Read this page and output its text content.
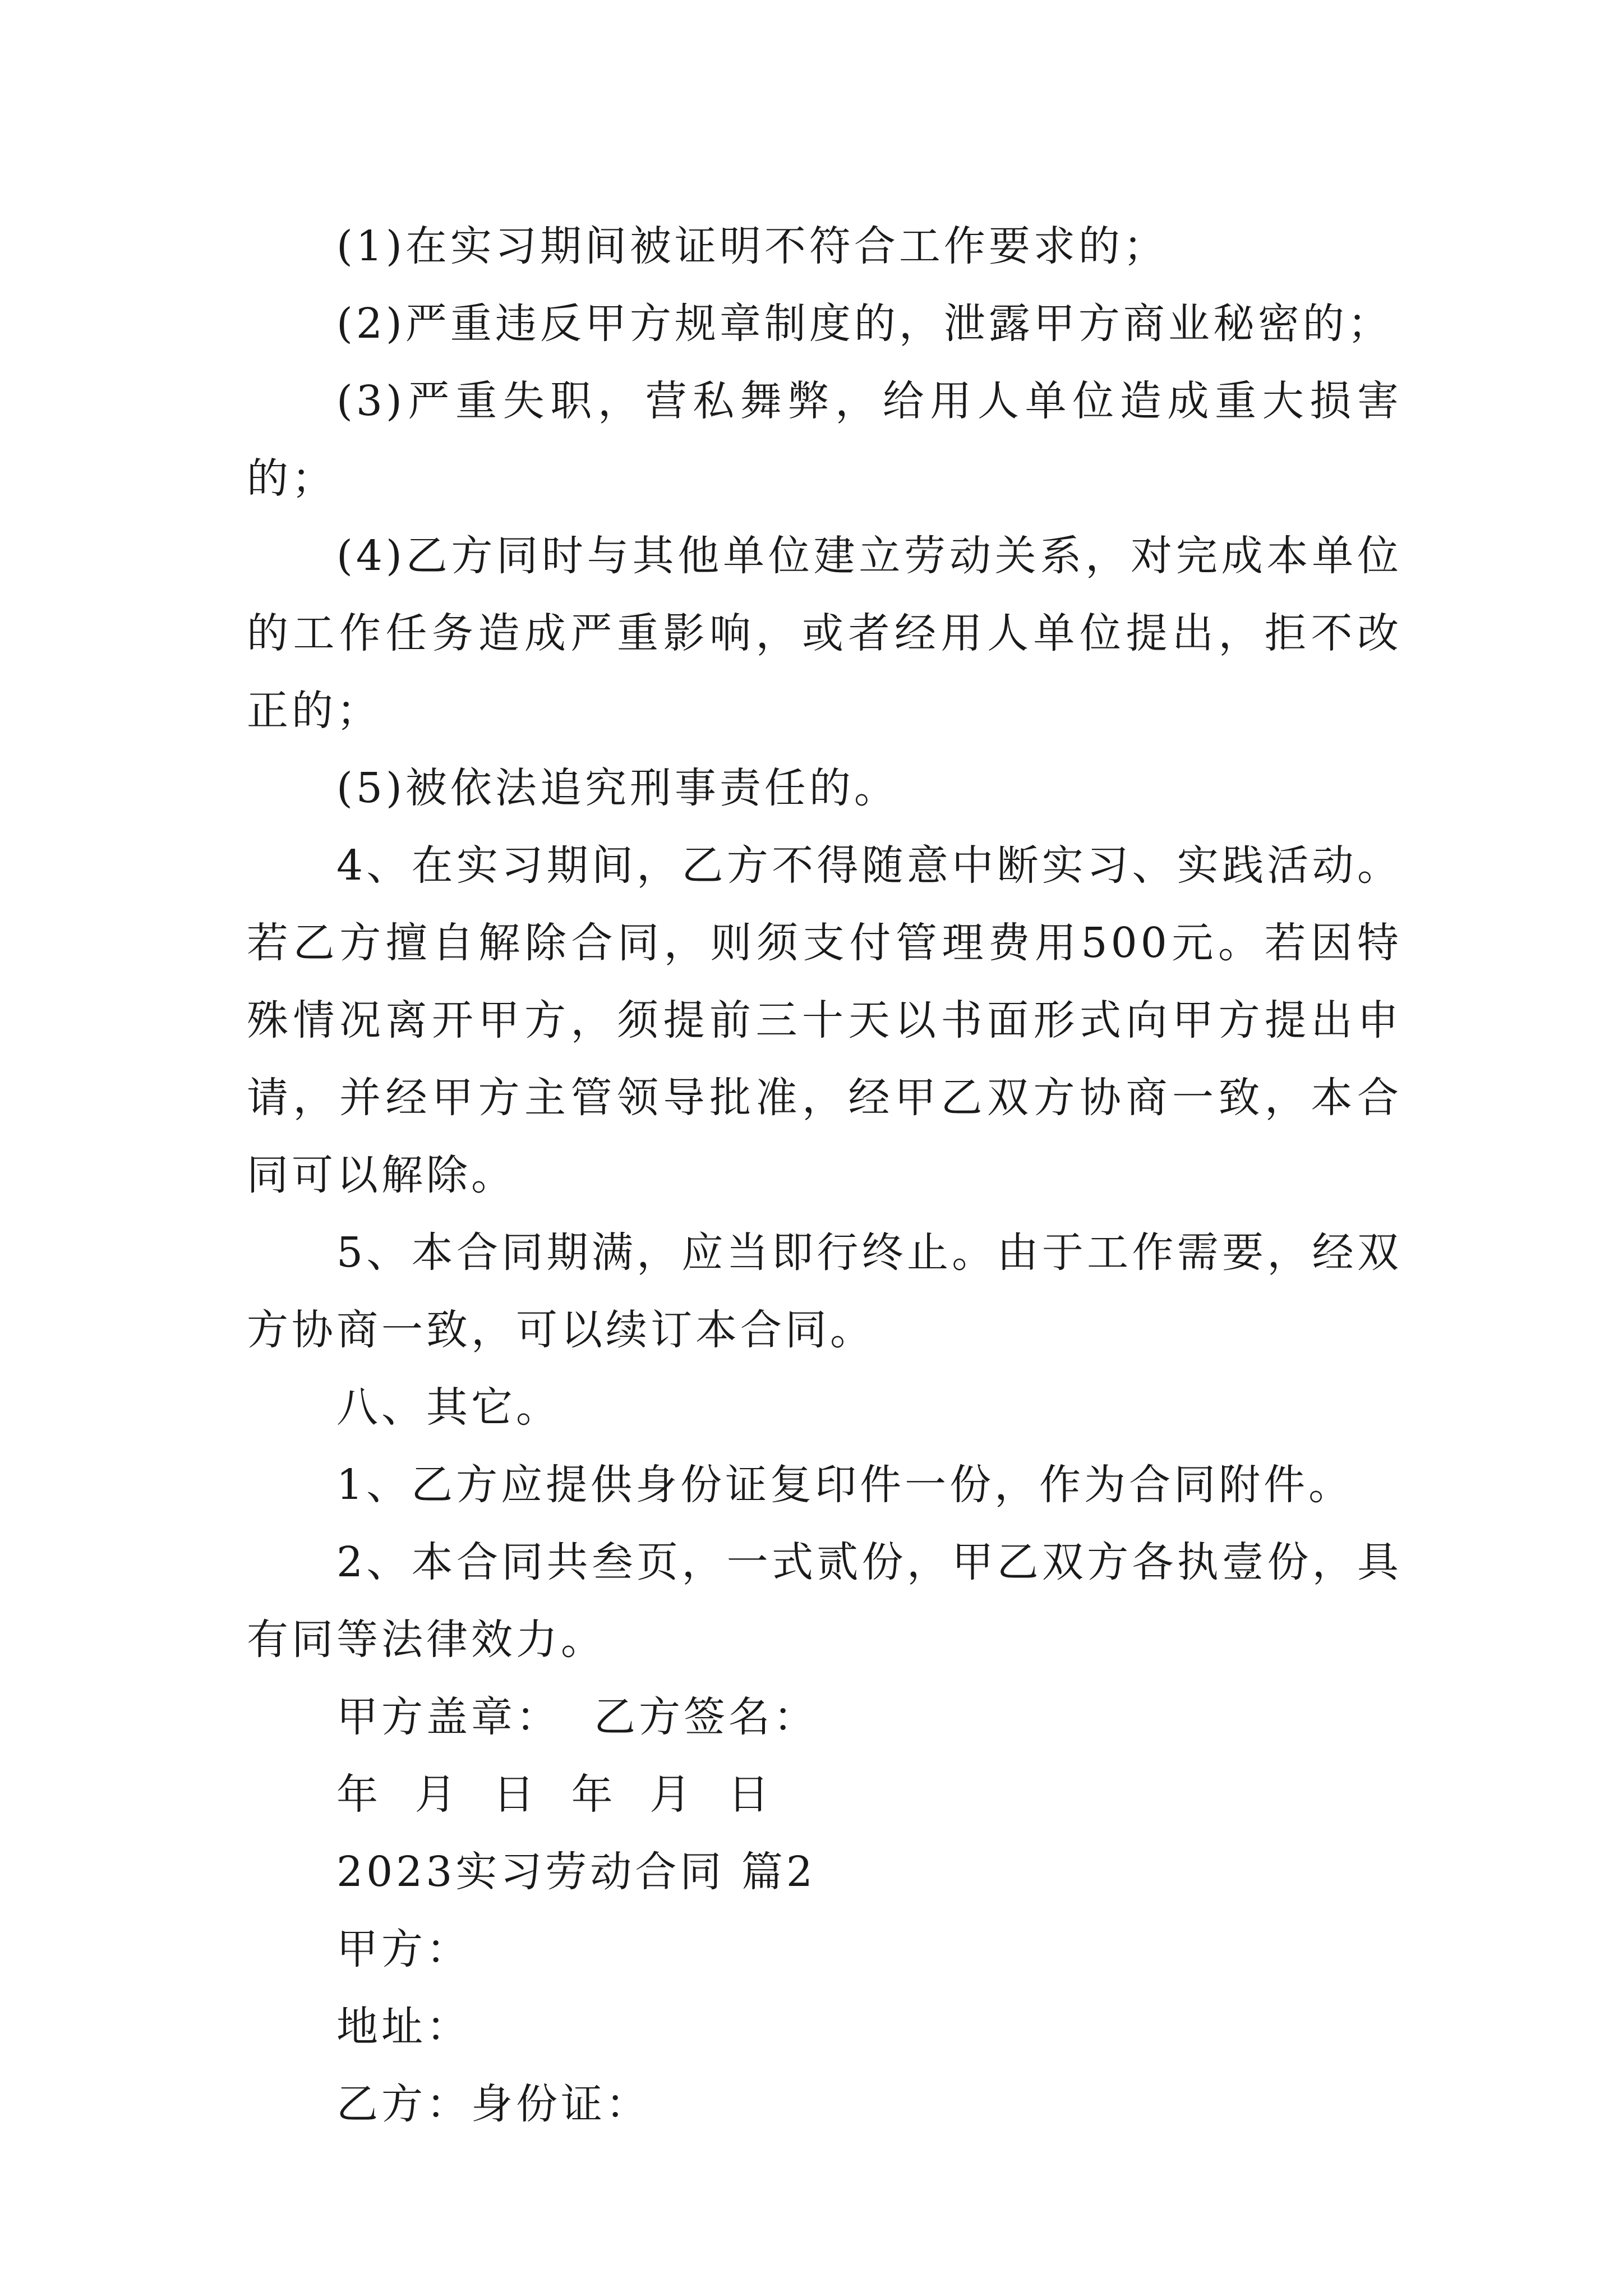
(1)在实习期间被证明不符合工作要求的；

(2)严重违反甲方规章制度的，泄露甲方商业秘密的；

(3)严重失职，营私舞弊，给用人单位造成重大损害的；

(4)乙方同时与其他单位建立劳动关系，对完成本单位的工作任务造成严重影响，或者经用人单位提出，拒不改正的；

(5)被依法追究刑事责任的。

4、在实习期间，乙方不得随意中断实习、实践活动。若乙方擅自解除合同，则须支付管理费用500元。若因特殊情况离开甲方，须提前三十天以书面形式向甲方提出申请，并经甲方主管领导批准，经甲乙双方协商一致，本合同可以解除。

5、本合同期满，应当即行终止。由于工作需要，经双方协商一致，可以续订本合同。

八、其它。

1、乙方应提供身份证复印件一份，作为合同附件。

2、本合同共叁页，一式贰份，甲乙双方各执壹份，具有同等法律效力。

甲方盖章：  乙方签名：

年 月 日 年 月 日

2023实习劳动合同 篇2

甲方：

地址：

乙方：身份证：
